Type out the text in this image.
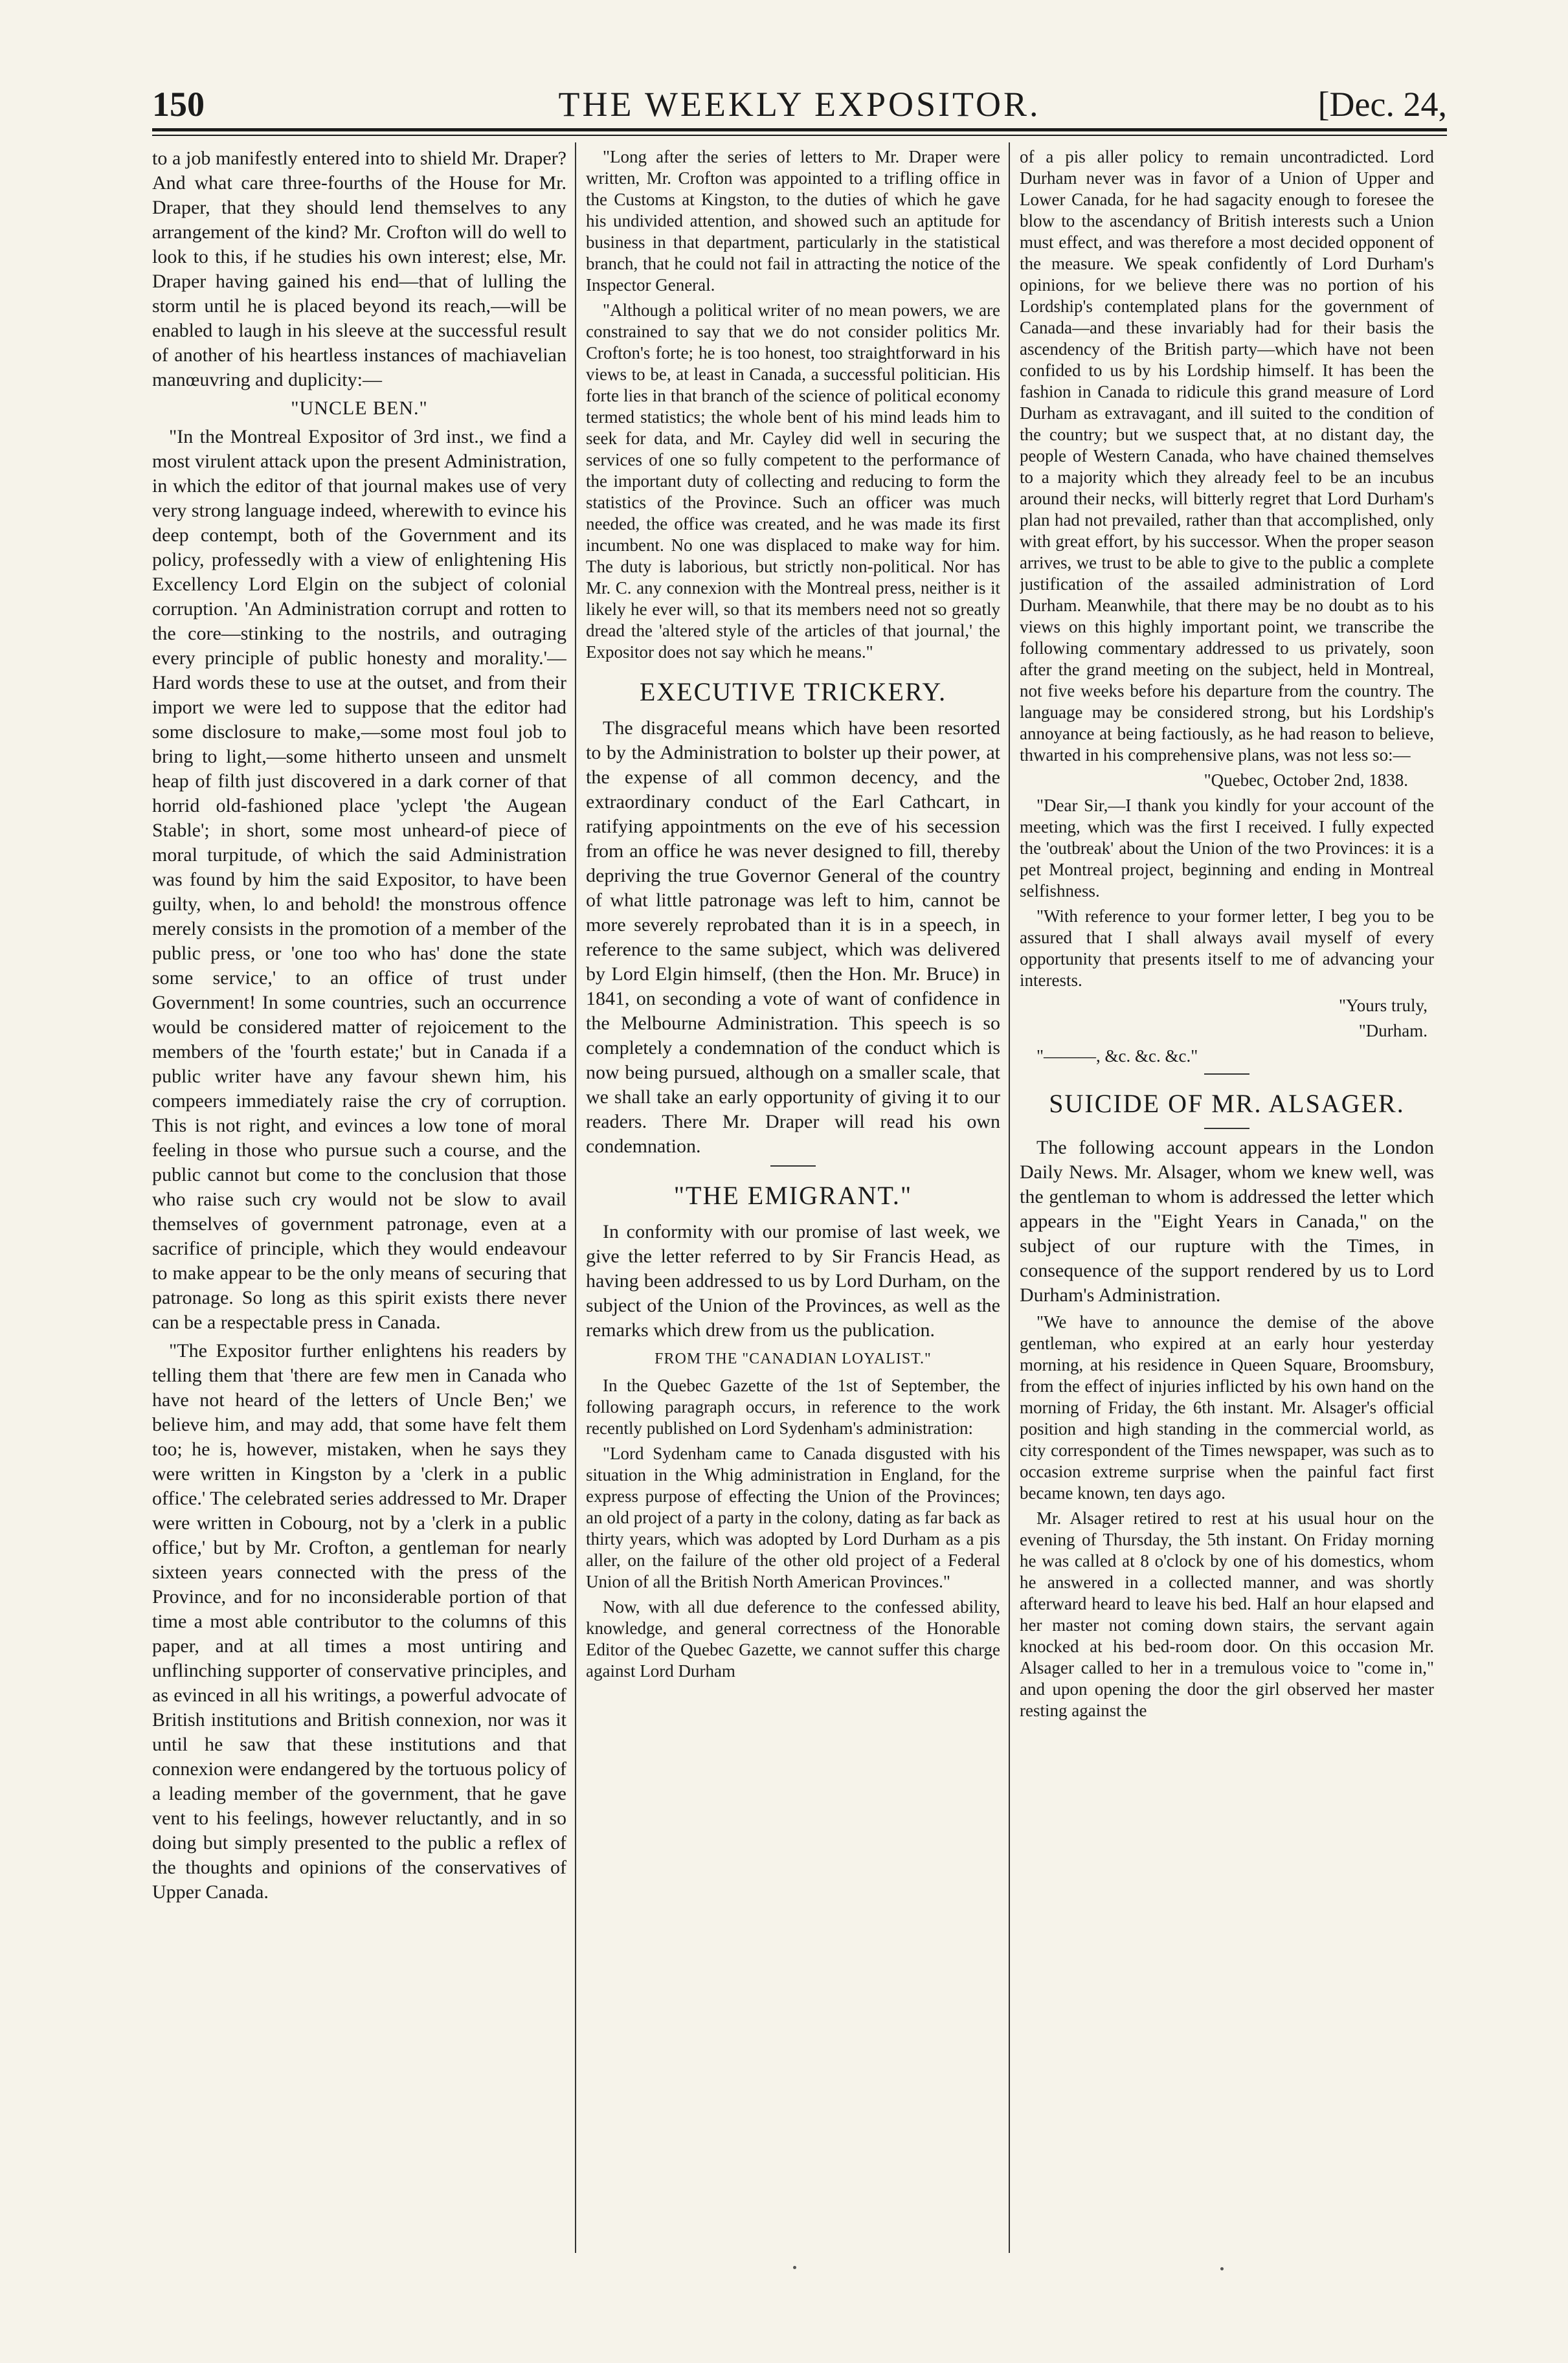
150	THE WEEKLY EXPOSITOR.	[Dec. 24,

to a job manifestly entered into to shield Mr. Draper? And what care three-fourths of the House for Mr. Draper, that they should lend themselves to any arrangement of the kind? Mr. Crofton will do well to look to this, if he studies his own interest; else, Mr. Draper having gained his end—that of lulling the storm until he is placed beyond its reach,—will be enabled to laugh in his sleeve at the successful result of another of his heartless instances of machiavelian manœuvring and duplicity:—

"UNCLE BEN."

"In the Montreal Expositor of 3rd inst., we find a most virulent attack upon the present Administration, in which the editor of that journal makes use of very very strong language indeed, wherewith to evince his deep contempt, both of the Government and its policy, professedly with a view of enlightening His Excellency Lord Elgin on the subject of colonial corruption. 'An Administration corrupt and rotten to the core—stinking to the nostrils, and outraging every principle of public honesty and morality.'—Hard words these to use at the outset, and from their import we were led to suppose that the editor had some disclosure to make,—some most foul job to bring to light,—some hitherto unseen and unsmelt heap of filth just discovered in a dark corner of that horrid old-fashioned place 'yclept 'the Augean Stable'; in short, some most unheard-of piece of moral turpitude, of which the said Administration was found by him the said Expositor, to have been guilty, when, lo and behold! the monstrous offence merely consists in the promotion of a member of the public press, or 'one too who has' done the state some service,' to an office of trust under Government! In some countries, such an occurrence would be considered matter of rejoicement to the members of the 'fourth estate;' but in Canada if a public writer have any favour shewn him, his compeers immediately raise the cry of corruption. This is not right, and evinces a low tone of moral feeling in those who pursue such a course, and the public cannot but come to the conclusion that those who raise such cry would not be slow to avail themselves of government patronage, even at a sacrifice of principle, which they would endeavour to make appear to be the only means of securing that patronage. So long as this spirit exists there never can be a respectable press in Canada.

"The Expositor further enlightens his readers by telling them that 'there are few men in Canada who have not heard of the letters of Uncle Ben;' we believe him, and may add, that some have felt them too; he is, however, mistaken, when he says they were written in Kingston by a 'clerk in a public office.' The celebrated series addressed to Mr. Draper were written in Cobourg, not by a 'clerk in a public office,' but by Mr. Crofton, a gentleman for nearly sixteen years connected with the press of the Province, and for no inconsiderable portion of that time a most able contributor to the columns of this paper, and at all times a most untiring and unflinching supporter of conservative principles, and as evinced in all his writings, a powerful advocate of British institutions and British connexion, nor was it until he saw that these institutions and that connexion were endangered by the tortuous policy of a leading member of the government, that he gave vent to his feelings, however reluctantly, and in so doing but simply presented to the public a reflex of the thoughts and opinions of the conservatives of Upper Canada.

"Long after the series of letters to Mr. Draper were written, Mr. Crofton was appointed to a trifling office in the Customs at Kingston, to the duties of which he gave his undivided attention, and showed such an aptitude for business in that department, particularly in the statistical branch, that he could not fail in attracting the notice of the Inspector General.

"Although a political writer of no mean powers, we are constrained to say that we do not consider politics Mr. Crofton's forte; he is too honest, too straightforward in his views to be, at least in Canada, a successful politician. His forte lies in that branch of the science of political economy termed statistics; the whole bent of his mind leads him to seek for data, and Mr. Cayley did well in securing the services of one so fully competent to the performance of the important duty of collecting and reducing to form the statistics of the Province. Such an officer was much needed, the office was created, and he was made its first incumbent. No one was displaced to make way for him. The duty is laborious, but strictly non-political. Nor has Mr. C. any connexion with the Montreal press, neither is it likely he ever will, so that its members need not so greatly dread the 'altered style of the articles of that journal,' the Expositor does not say which he means."

EXECUTIVE TRICKERY.

The disgraceful means which have been resorted to by the Administration to bolster up their power, at the expense of all common decency, and the extraordinary conduct of the Earl Cathcart, in ratifying appointments on the eve of his secession from an office he was never designed to fill, thereby depriving the true Governor General of the country of what little patronage was left to him, cannot be more severely reprobated than it is in a speech, in reference to the same subject, which was delivered by Lord Elgin himself, (then the Hon. Mr. Bruce) in 1841, on seconding a vote of want of confidence in the Melbourne Administration. This speech is so completely a condemnation of the conduct which is now being pursued, although on a smaller scale, that we shall take an early opportunity of giving it to our readers. There Mr. Draper will read his own condemnation.

"THE EMIGRANT."

In conformity with our promise of last week, we give the letter referred to by Sir Francis Head, as having been addressed to us by Lord Durham, on the subject of the Union of the Provinces, as well as the remarks which drew from us the publication.

FROM THE "CANADIAN LOYALIST."

In the Quebec Gazette of the 1st of September, the following paragraph occurs, in reference to the work recently published on Lord Sydenham's administration:

"Lord Sydenham came to Canada disgusted with his situation in the Whig administration in England, for the express purpose of effecting the Union of the Provinces; an old project of a party in the colony, dating as far back as thirty years, which was adopted by Lord Durham as a pis aller, on the failure of the other old project of a Federal Union of all the British North American Provinces."

Now, with all due deference to the confessed ability, knowledge, and general correctness of the Honorable Editor of the Quebec Gazette, we cannot suffer this charge against Lord Durham

of a pis aller policy to remain uncontradicted. Lord Durham never was in favor of a Union of Upper and Lower Canada, for he had sagacity enough to foresee the blow to the ascendancy of British interests such a Union must effect, and was therefore a most decided opponent of the measure. We speak confidently of Lord Durham's opinions, for we believe there was no portion of his Lordship's contemplated plans for the government of Canada—and these invariably had for their basis the ascendency of the British party—which have not been confided to us by his Lordship himself. It has been the fashion in Canada to ridicule this grand measure of Lord Durham as extravagant, and ill suited to the condition of the country; but we suspect that, at no distant day, the people of Western Canada, who have chained themselves to a majority which they already feel to be an incubus around their necks, will bitterly regret that Lord Durham's plan had not prevailed, rather than that accomplished, only with great effort, by his successor. When the proper season arrives, we trust to be able to give to the public a complete justification of the assailed administration of Lord Durham. Meanwhile, that there may be no doubt as to his views on this highly important point, we transcribe the following commentary addressed to us privately, soon after the grand meeting on the subject, held in Montreal, not five weeks before his departure from the country. The language may be considered strong, but his Lordship's annoyance at being factiously, as he had reason to believe, thwarted in his comprehensive plans, was not less so:—

"Quebec, October 2nd, 1838.

"Dear Sir,—I thank you kindly for your account of the meeting, which was the first I received. I fully expected the 'outbreak' about the Union of the two Provinces: it is a pet Montreal project, beginning and ending in Montreal selfishness.

"With reference to your former letter, I beg you to be assured that I shall always avail myself of every opportunity that presents itself to me of advancing your interests.

"Yours truly,

"Durham.

"———, &c. &c. &c."

SUICIDE OF MR. ALSAGER.

The following account appears in the London Daily News. Mr. Alsager, whom we knew well, was the gentleman to whom is addressed the letter which appears in the "Eight Years in Canada," on the subject of our rupture with the Times, in consequence of the support rendered by us to Lord Durham's Administration.

"We have to announce the demise of the above gentleman, who expired at an early hour yesterday morning, at his residence in Queen Square, Broomsbury, from the effect of injuries inflicted by his own hand on the morning of Friday, the 6th instant. Mr. Alsager's official position and high standing in the commercial world, as city correspondent of the Times newspaper, was such as to occasion extreme surprise when the painful fact first became known, ten days ago.

Mr. Alsager retired to rest at his usual hour on the evening of Thursday, the 5th instant. On Friday morning he was called at 8 o'clock by one of his domestics, whom he answered in a collected manner, and was shortly afterward heard to leave his bed. Half an hour elapsed and her master not coming down stairs, the servant again knocked at his bed-room door. On this occasion Mr. Alsager called to her in a tremulous voice to "come in," and upon opening the door the girl observed her master resting against the
